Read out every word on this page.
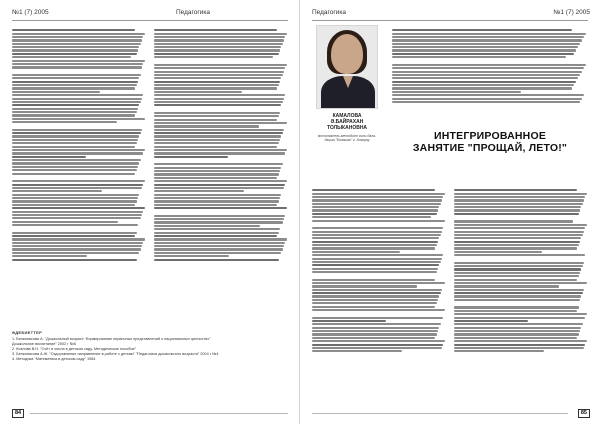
№1 (7) 2005	Педагогика
ӘДЕБИЕТТЕР
1. Белкинасова А. "Дошкольный возраст: Формирование первичных представлений о национальных ценностях"
Дошкольное воспитание" 2002 г №6
2. Козлова В.Н. "Счёт и числа в детском саду. Методическое пособие"
3. Белкинасова А.Ж. "Оздоровление направление в работе с детьми" "Педагогика дошкольного возраста" 2004 г №4
4. Методика "Математика в детском саду" 1984
84
Педагогика	№1 (7) 2005
КАМАЛОВА
Ә.БАЙРАХАН
ТОЛЫКАНОВНА
воспитатель-методист ясли-бала-бақша "Болашак" г. Атырау	ИНТЕГРИРОВАННОЕ
ЗАНЯТИЕ "ПРОЩАЙ, ЛЕТО!"
85
